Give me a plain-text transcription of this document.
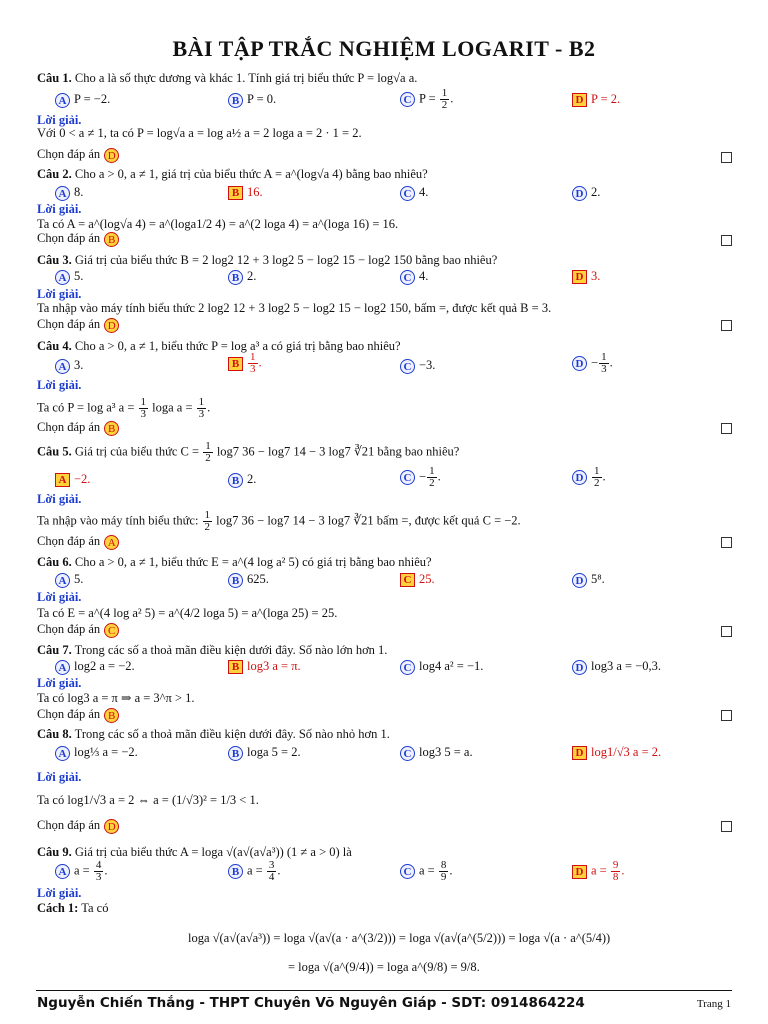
BÀI TẬP TRẮC NGHIỆM LOGARIT - B2
Câu 1. Cho a là số thực dương và khác 1. Tính giá trị biểu thức P = log√a a.
A P = −2.	B P = 0.	C $P = \frac{1}{2}$ .	D P = 2.
Lời giải.
Với 0 < a ≠ 1, ta có P = log√a a = log a½ a = 2 loga a = 2 · 1 = 2.
Chọn đáp án D
Câu 2. Cho a > 0, a ≠ 1, giá trị của biểu thức A = a^(log√a 4) bằng bao nhiêu?
A 8.	B 16.	C 4.	D 2.
Lời giải.
Ta có A = a^(log√a 4) = a^(loga1/2 4) = a^(2 loga 4) = a^(loga 16) = 16.
Chọn đáp án B
Câu 3. Giá trị của biểu thức B = 2 log2 12 + 3 log2 5 − log2 15 − log2 150 bằng bao nhiêu?
A 5.	B 2.	C 4.	D 3.
Lời giải.
Ta nhập vào máy tính biểu thức 2 log2 12 + 3 log2 5 − log2 15 − log2 150, bấm =, được kết quả B = 3.
Chọn đáp án D
Câu 4. Cho a > 0, a ≠ 1, biểu thức P = log a³ a có giá trị bằng bao nhiêu?
A 3.	B $\frac{1}{3}$ .	C −3.	$D - \frac{1}{3}$ .
Lời giải.
Ta có P = log a³ $a = \frac{1}{3}$ loga $a = \frac{1}{3}$ .
Chọn đáp án B
Câu 5. Giá trị của biểu thức $C = \frac{1}{2} \log 7$ 36 − log7 14 − 3 log7 ∛21 bằng bao nhiêu?
A −2.	B 2.	$C - \frac{1}{2}$ .	D $\frac{1}{2}$ .
Lời giải.
Ta nhập vào máy tính biểu thức: $\frac{1}{2} \log 7$ 36 − log7 14 − 3 log7 ∛21 bấm =, được kết quả C = −2.
Chọn đáp án A
Câu 6. Cho a > 0, a ≠ 1, biểu thức E = a^(4 log a² 5) có giá trị bằng bao nhiêu?
A 5.	B 625.	C 25.	D 5⁸.
Lời giải.
Ta có E = a^(4 log a² 5) = a^(4/2 loga 5) = a^(loga 25) = 25.
Chọn đáp án C
Câu 7. Trong các số a thoả mãn điều kiện dưới đây. Số nào lớn hơn 1.
A log2 a = −2.	B log3 a = π.	C log4 a² = −1.	D log3 a = −0,3.
Lời giải.
Ta có log3 a = π ⇒ a = 3^π > 1.
Chọn đáp án B
Câu 8. Trong các số a thoả mãn điều kiện dưới đây. Số nào nhỏ hơn 1.
A log⅓ a = −2.	B loga 5 = 2.	C log3 5 = a.	D log1/√3 a = 2.
Lời giải.
Ta có log1/√3 a = 2 ⇔ a = (1/√3)² = 1/3 < 1.
Chọn đáp án D
Câu 9. Giá trị của biểu thức A = loga √(a√(a√a³)) (1 ≠ a > 0) là
A $a = \frac{4}{3}$ .	B $a = \frac{3}{4}$ .	C $a = \frac{8}{9}$ .	D $a = \frac{9}{8}$ .
Lời giải.
Cách 1: Ta có
loga √(a√(a√a³)) = loga √(a√(a · a^(3/2))) = loga √(a√(a^(5/2))) = loga √(a · a^(5/4))
= loga √(a^(9/4)) = loga a^(9/8) = 9/8.
Nguyễn Chiến Thắng - THPT Chuyên Võ Nguyên Giáp - SDT: 0914864224	Trang 1
